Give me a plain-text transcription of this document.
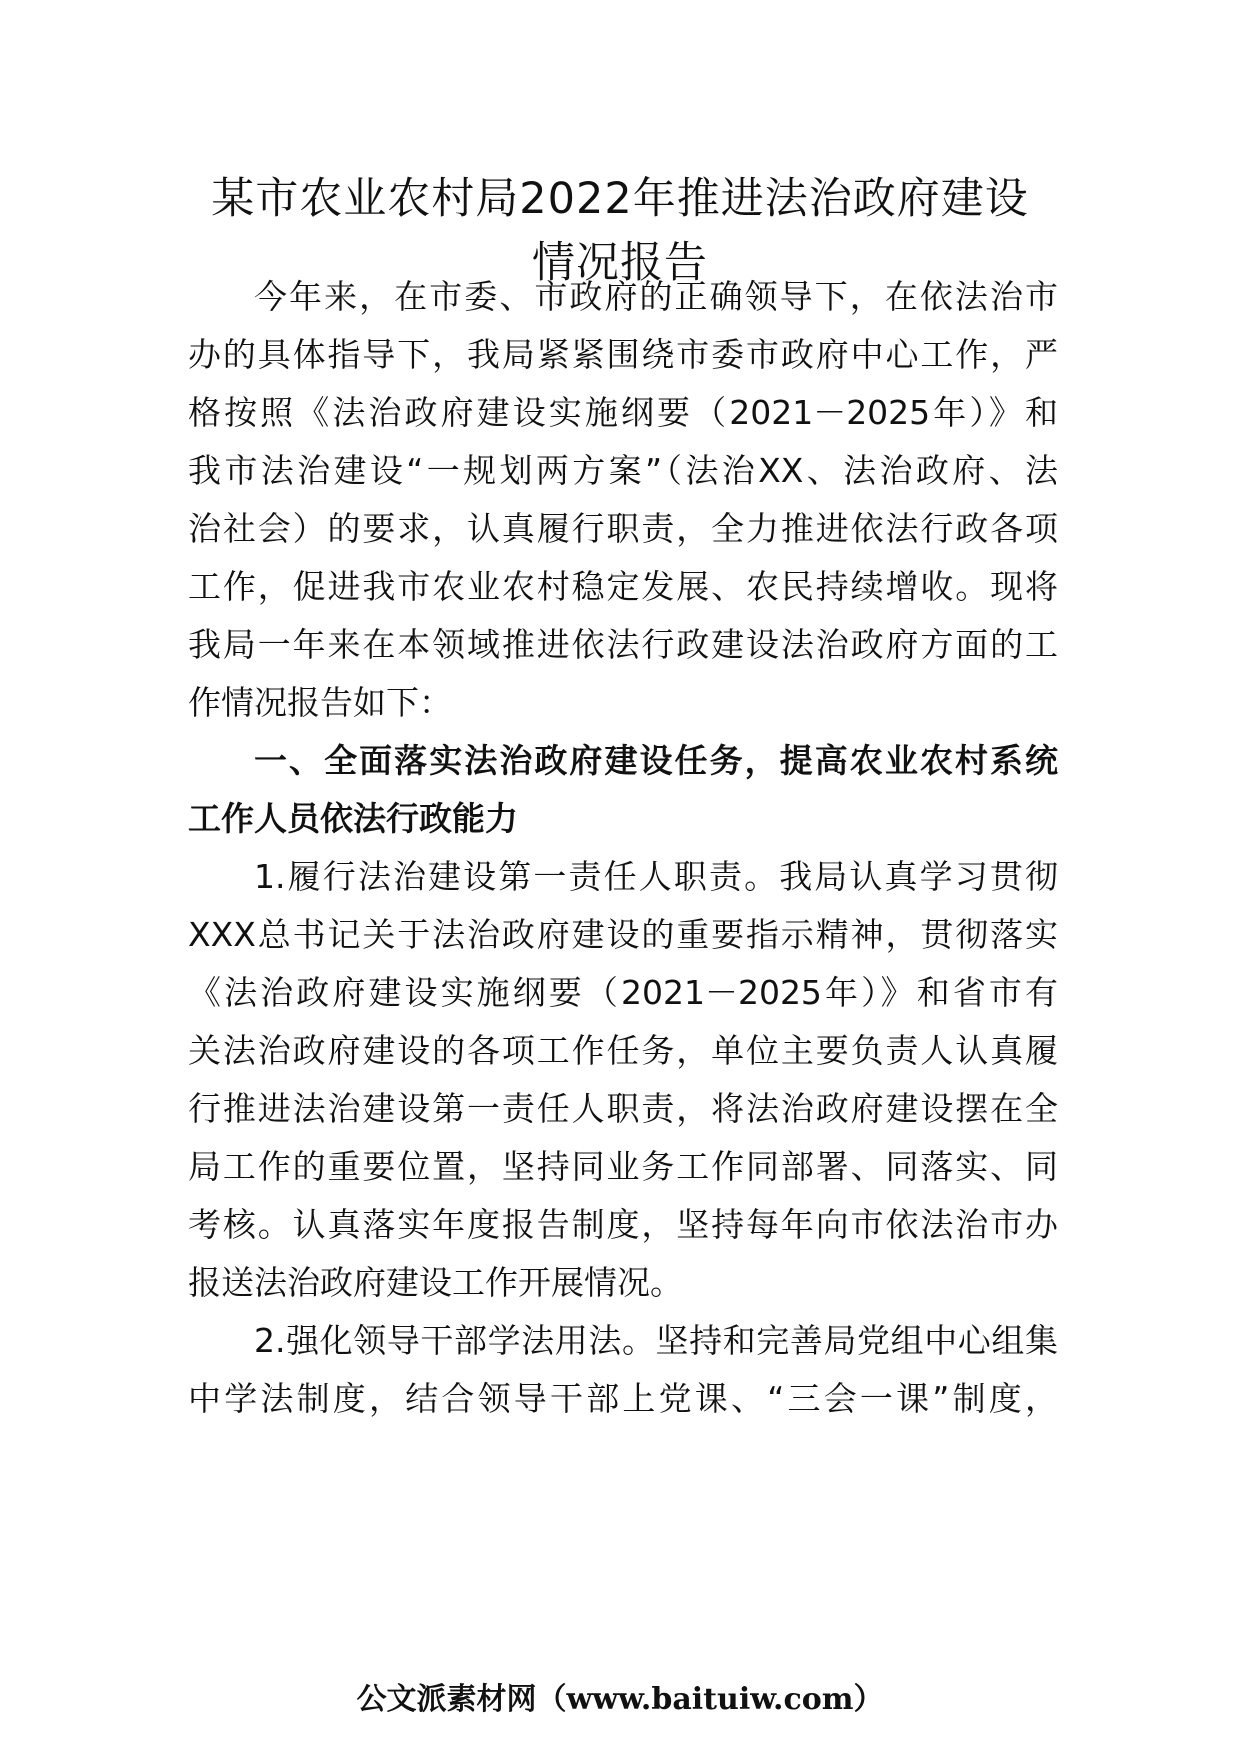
某市农业农村局2022年推进法治政府建设
情况报告
今年来，在市委、市政府的正确领导下，在依法治市
办的具体指导下，我局紧紧围绕市委市政府中心工作，严
格按照《法治政府建设实施纲要（2021－2025年）》和
我市法治建设“一规划两方案”（法治XX、法治政府、法
治社会）的要求，认真履行职责，全力推进依法行政各项
工作，促进我市农业农村稳定发展、农民持续增收。现将
我局一年来在本领域推进依法行政建设法治政府方面的工
作情况报告如下：
一、全面落实法治政府建设任务，提高农业农村系统
工作人员依法行政能力
1.履行法治建设第一责任人职责。我局认真学习贯彻
XXX总书记关于法治政府建设的重要指示精神，贯彻落实
《法治政府建设实施纲要（2021－2025年）》和省市有
关法治政府建设的各项工作任务，单位主要负责人认真履
行推进法治建设第一责任人职责，将法治政府建设摆在全
局工作的重要位置，坚持同业务工作同部署、同落实、同
考核。认真落实年度报告制度，坚持每年向市依法治市办
报送法治政府建设工作开展情况。
2.强化领导干部学法用法。坚持和完善局党组中心组集
中学法制度，结合领导干部上党课、“三会一课”制度，
公文派素材网（www.baituiw.com）
